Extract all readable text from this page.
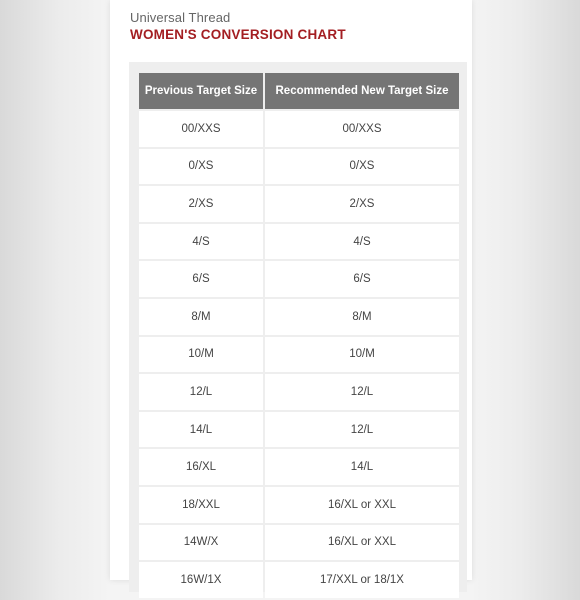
Universal Thread
WOMEN'S CONVERSION CHART
Previous Target Size	Recommended New Target Size
00/XXS	00/XXS
0/XS	0/XS
2/XS	2/XS
4/S	4/S
6/S	6/S
8/M	8/M
10/M	10/M
12/L	12/L
14/L	12/L
16/XL	14/L
18/XXL	16/XL or XXL
14W/X	16/XL or XXL
16W/1X	17/XXL or 18/1X
